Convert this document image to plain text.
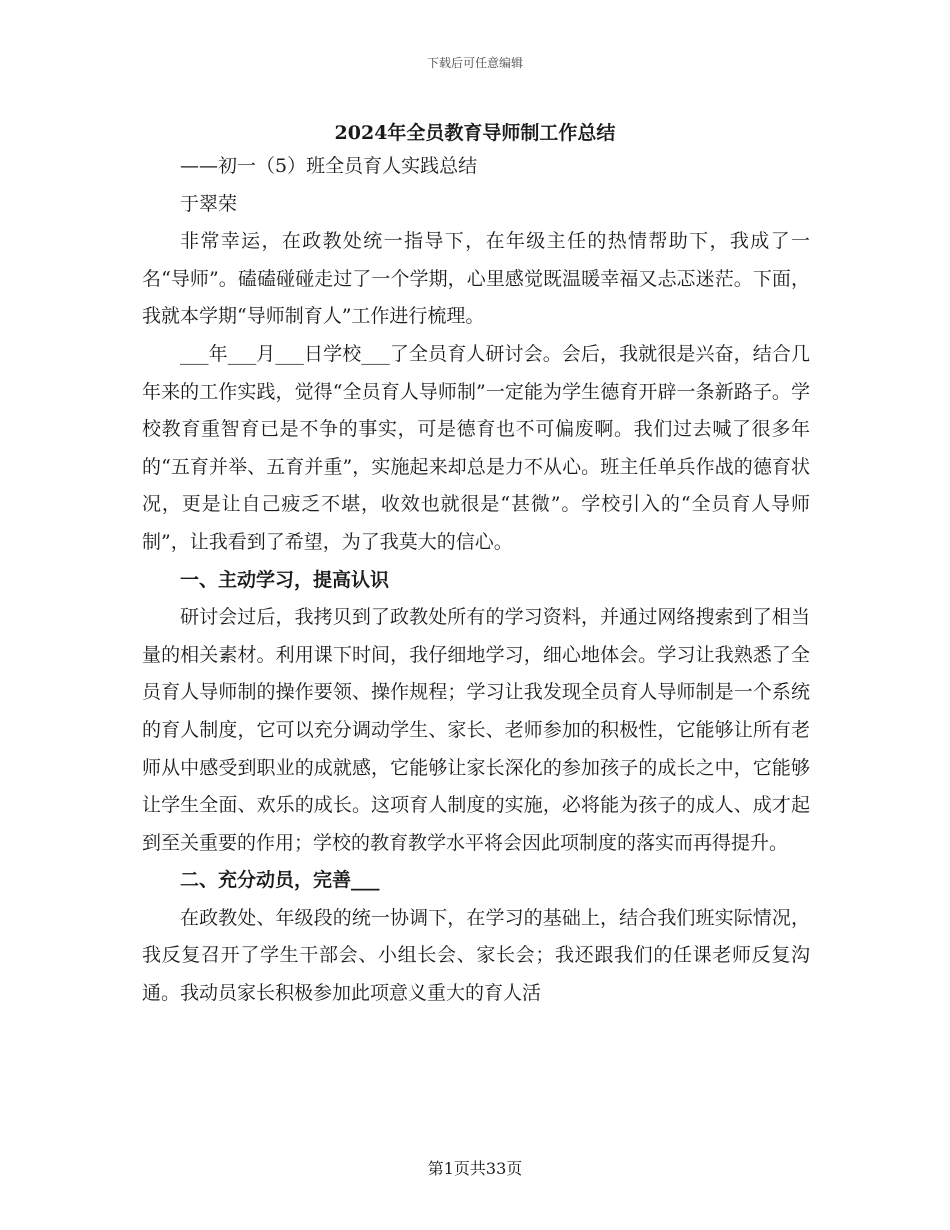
下载后可任意编辑
2024年全员教育导师制工作总结

——初一（5）班全员育人实践总结

于翠荣

非常幸运，在政教处统一指导下，在年级主任的热情帮助下，我成了一名“导师”。磕磕碰碰走过了一个学期，心里感觉既温暖幸福又忐忑迷茫。下面，我就本学期“导师制育人”工作进行梳理。

___年___月___日学校___了全员育人研讨会。会后，我就很是兴奋，结合几年来的工作实践，觉得“全员育人导师制”一定能为学生德育开辟一条新路子。学校教育重智育已是不争的事实，可是德育也不可偏废啊。我们过去喊了很多年的“五育并举、五育并重”，实施起来却总是力不从心。班主任单兵作战的德育状况，更是让自己疲乏不堪，收效也就很是“甚微”。学校引入的“全员育人导师制”，让我看到了希望，为了我莫大的信心。

一、主动学习，提高认识

研讨会过后，我拷贝到了政教处所有的学习资料，并通过网络搜索到了相当量的相关素材。利用课下时间，我仔细地学习，细心地体会。学习让我熟悉了全员育人导师制的操作要领、操作规程；学习让我发现全员育人导师制是一个系统的育人制度，它可以充分调动学生、家长、老师参加的积极性，它能够让所有老师从中感受到职业的成就感，它能够让家长深化的参加孩子的成长之中，它能够让学生全面、欢乐的成长。这项育人制度的实施，必将能为孩子的成人、成才起到至关重要的作用；学校的教育教学水平将会因此项制度的落实而再得提升。

二、充分动员，完善___

在政教处、年级段的统一协调下，在学习的基础上，结合我们班实际情况，我反复召开了学生干部会、小组长会、家长会；我还跟我们的任课老师反复沟通。我动员家长积极参加此项意义重大的育人活

第1页共33页
